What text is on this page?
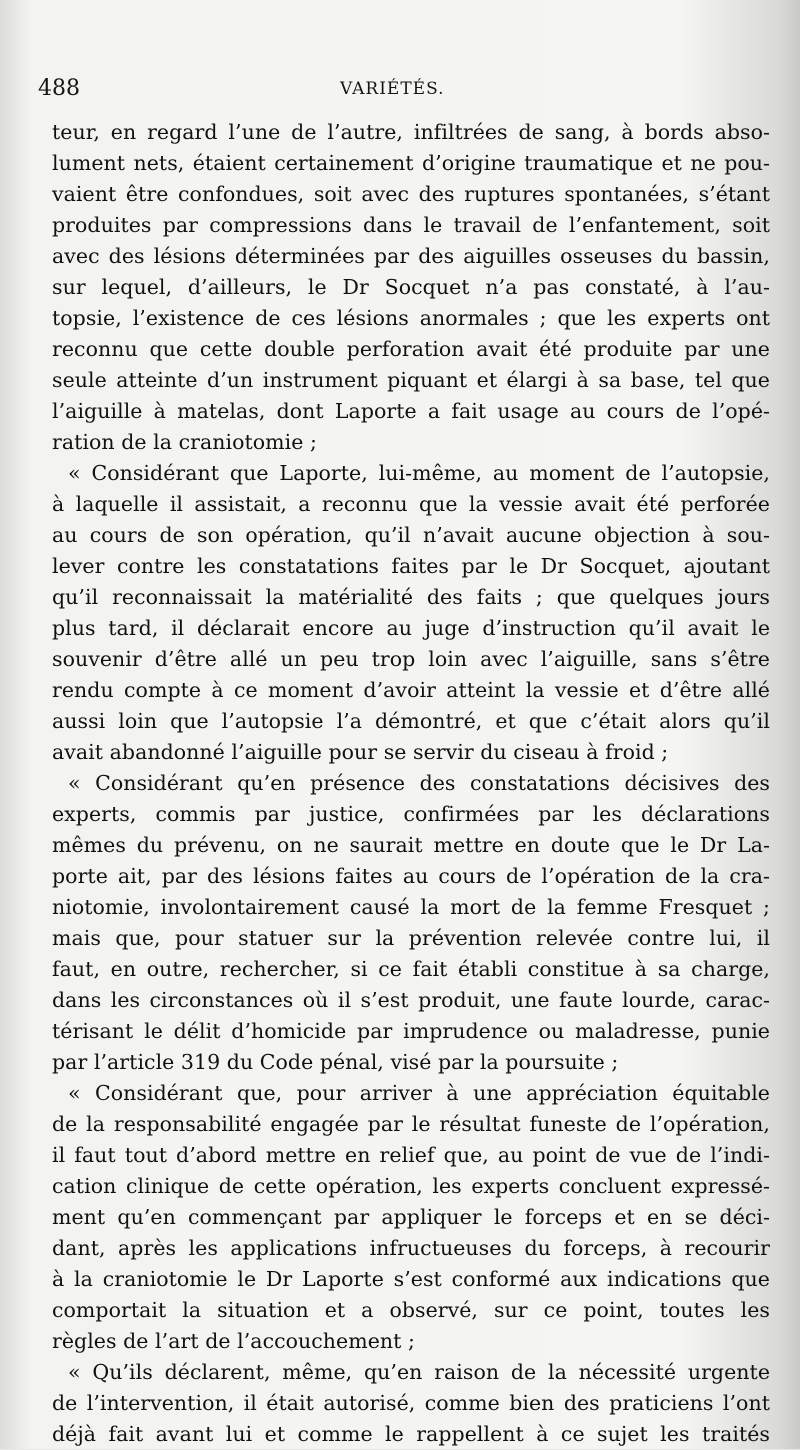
488	VARIÉTÉS.
teur, en regard l’une de l’autre, infiltrées de sang, à bords abso-
lument nets, étaient certainement d’origine traumatique et ne pou-
vaient être confondues, soit avec des ruptures spontanées, s’étant
produites par compressions dans le travail de l’enfantement, soit
avec des lésions déterminées par des aiguilles osseuses du bassin,
sur lequel, d’ailleurs, le Dr Socquet n’a pas constaté, à l’au-
topsie, l’existence de ces lésions anormales ; que les experts ont
reconnu que cette double perforation avait été produite par une
seule atteinte d’un instrument piquant et élargi à sa base, tel que
l’aiguille à matelas, dont Laporte a fait usage au cours de l’opé-
ration de la craniotomie ;
« Considérant que Laporte, lui-même, au moment de l’autopsie,
à laquelle il assistait, a reconnu que la vessie avait été perforée
au cours de son opération, qu’il n’avait aucune objection à sou-
lever contre les constatations faites par le Dr Socquet, ajoutant
qu’il reconnaissait la matérialité des faits ; que quelques jours
plus tard, il déclarait encore au juge d’instruction qu’il avait le
souvenir d’être allé un peu trop loin avec l’aiguille, sans s’être
rendu compte à ce moment d’avoir atteint la vessie et d’être allé
aussi loin que l’autopsie l’a démontré, et que c’était alors qu’il
avait abandonné l’aiguille pour se servir du ciseau à froid ;
« Considérant qu’en présence des constatations décisives des
experts, commis par justice, confirmées par les déclarations
mêmes du prévenu, on ne saurait mettre en doute que le Dr La-
porte ait, par des lésions faites au cours de l’opération de la cra-
niotomie, involontairement causé la mort de la femme Fresquet ;
mais que, pour statuer sur la prévention relevée contre lui, il
faut, en outre, rechercher, si ce fait établi constitue à sa charge,
dans les circonstances où il s’est produit, une faute lourde, carac-
térisant le délit d’homicide par imprudence ou maladresse, punie
par l’article 319 du Code pénal, visé par la poursuite ;
« Considérant que, pour arriver à une appréciation équitable
de la responsabilité engagée par le résultat funeste de l’opération,
il faut tout d’abord mettre en relief que, au point de vue de l’indi-
cation clinique de cette opération, les experts concluent expressé-
ment qu’en commençant par appliquer le forceps et en se déci-
dant, après les applications infructueuses du forceps, à recourir
à la craniotomie le Dr Laporte s’est conformé aux indications que
comportait la situation et a observé, sur ce point, toutes les
règles de l’art de l’accouchement ;
« Qu’ils déclarent, même, qu’en raison de la nécessité urgente
de l’intervention, il était autorisé, comme bien des praticiens l’ont
déjà fait avant lui et comme le rappellent à ce sujet les traités
